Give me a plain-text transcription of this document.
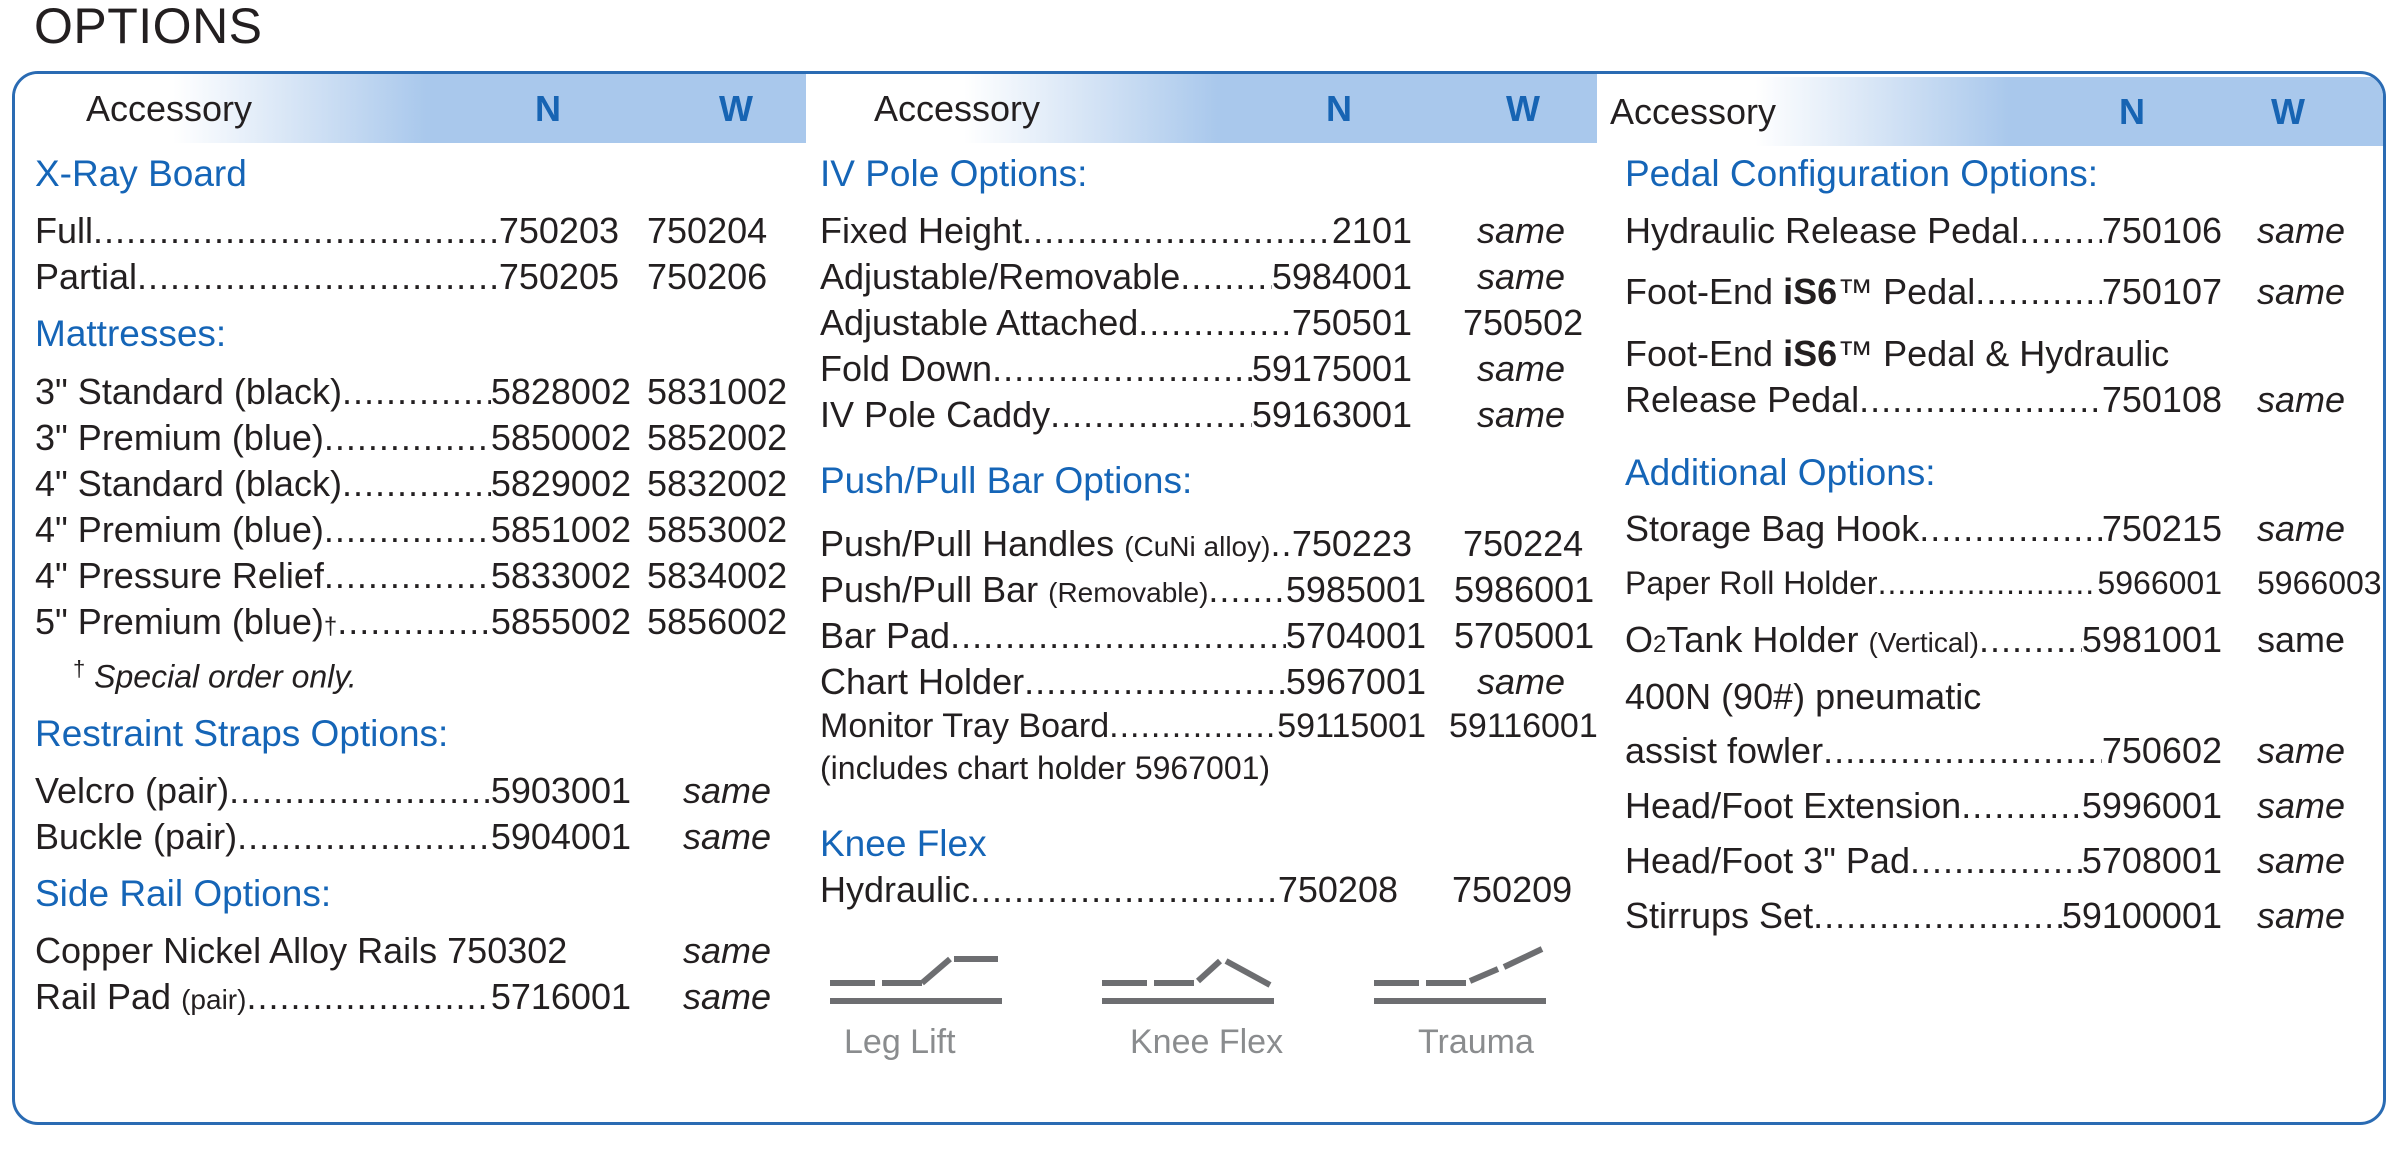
OPTIONS
Accessory	N	W	Accessory	N	W Accessory	N	W
X-Ray Board
Full .....	750203 750204
Partial .....	750205 750206
Mattresses:
3" Standard (black) .....	5828002 5831002
3" Premium (blue) .....	5850002 5852002
4" Standard (black) .....	5829002 5832002
4" Premium (blue) .....	5851002 5853002
4" Pressure Relief .....	5833002 5834002
5" Premium (blue) † .....	5855002 5856002
† Special order only.
Restraint Straps Options:
Velcro (pair) .....	5903001 same
Buckle (pair) .....	5904001 same
Side Rail Options:
Copper Nickel Alloy Rails 750302	same
Rail Pad
(pair) .....	5716001 same
IV Pole Options:
Fixed Height .....	2101 same
Adjustable/Removable .....	5984001 same
Adjustable Attached .....	750501 750502
Fold Down .....	59175001 same
IV Pole Caddy .....	59163001 same
Push/Pull Bar Options:
Push/Pull Handles
(CuNi alloy) ..... 750223 750224
Push/Pull Bar
(Removable) ..... 5985001 5986001
Bar Pad .....	5704001 5705001
Chart Holder .....	5967001 same
Monitor Tray Board .....	59115001 59116001
(includes chart holder 5967001)
Knee Flex
Hydraulic .....	750208 750209
Leg Lift	Knee Flex	Trauma
Pedal Configuration Options:
Hydraulic Release Pedal ..... 750106 same
Foot-End
iS6 ™ Pedal .....	750107 same
Foot-End iS6™ Pedal & Hydraulic
Release Pedal .....	750108 same
Additional Options:
Storage Bag Hook .....	750215 same
Paper Roll Holder .....	5966001 5966003
O 2 Tank Holder
(Vertical) .....	5981001 same
400N (90#) pneumatic
assist fowler .....	750602 same
Head/Foot Extension .....	5996001 same
Head/Foot 3" Pad .....	5708001 same
Stirrups Set .....	59100001 same
